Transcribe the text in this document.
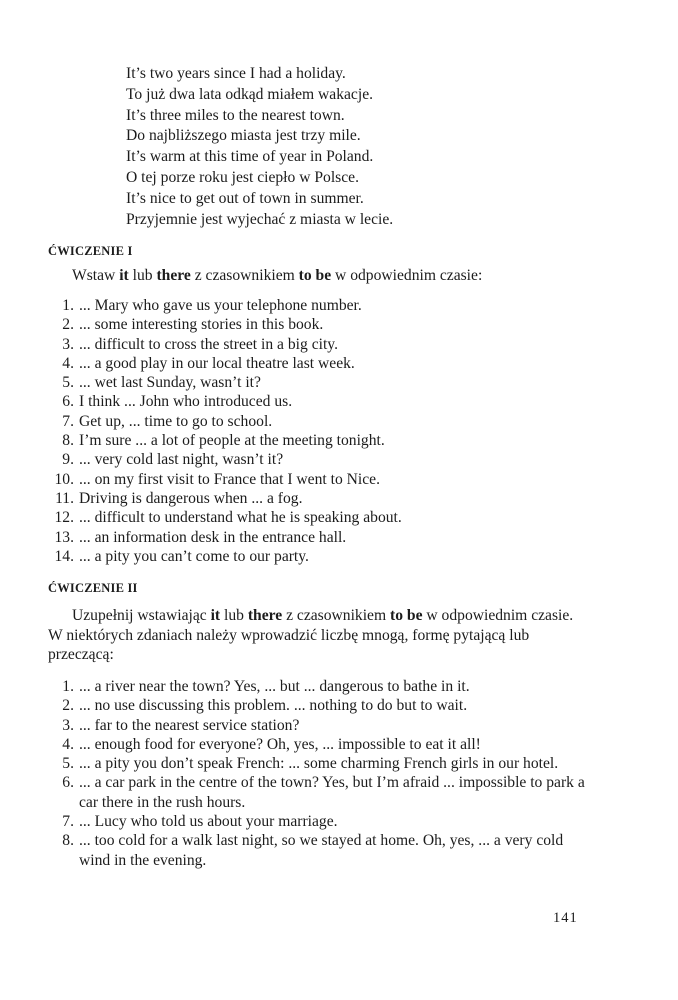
It’s two years since I had a holiday.
To już dwa lata odkąd miałem wakacje.
It’s three miles to the nearest town.
Do najbliższego miasta jest trzy mile.
It’s warm at this time of year in Poland.
O tej porze roku jest ciepło w Polsce.
It’s nice to get out of town in summer.
Przyjemnie jest wyjechać z miasta w lecie.
ĆWICZENIE I
Wstaw it lub there z czasownikiem to be w odpowiednim czasie:
1. ... Mary who gave us your telephone number.
2. ... some interesting stories in this book.
3. ... difficult to cross the street in a big city.
4. ... a good play in our local theatre last week.
5. ... wet last Sunday, wasn’t it?
6. I think ... John who introduced us.
7. Get up, ... time to go to school.
8. I’m sure ... a lot of people at the meeting tonight.
9. ... very cold last night, wasn’t it?
10. ... on my first visit to France that I went to Nice.
11. Driving is dangerous when ... a fog.
12. ... difficult to understand what he is speaking about.
13. ... an information desk in the entrance hall.
14. ... a pity you can’t come to our party.
ĆWICZENIE II
Uzupełnij wstawiając it lub there z czasownikiem to be w odpowiednim czasie. W niektórych zdaniach należy wprowadzić liczbę mnogą, formę pytającą lub przeczącą:
1. ... a river near the town? Yes, ... but ... dangerous to bathe in it.
2. ... no use discussing this problem. ... nothing to do but to wait.
3. ... far to the nearest service station?
4. ... enough food for everyone? Oh, yes, ... impossible to eat it all!
5. ... a pity you don’t speak French: ... some charming French girls in our hotel.
6. ... a car park in the centre of the town? Yes, but I’m afraid ... impossible to park a car there in the rush hours.
7. ... Lucy who told us about your marriage.
8. ... too cold for a walk last night, so we stayed at home. Oh, yes, ... a very cold wind in the evening.
141
